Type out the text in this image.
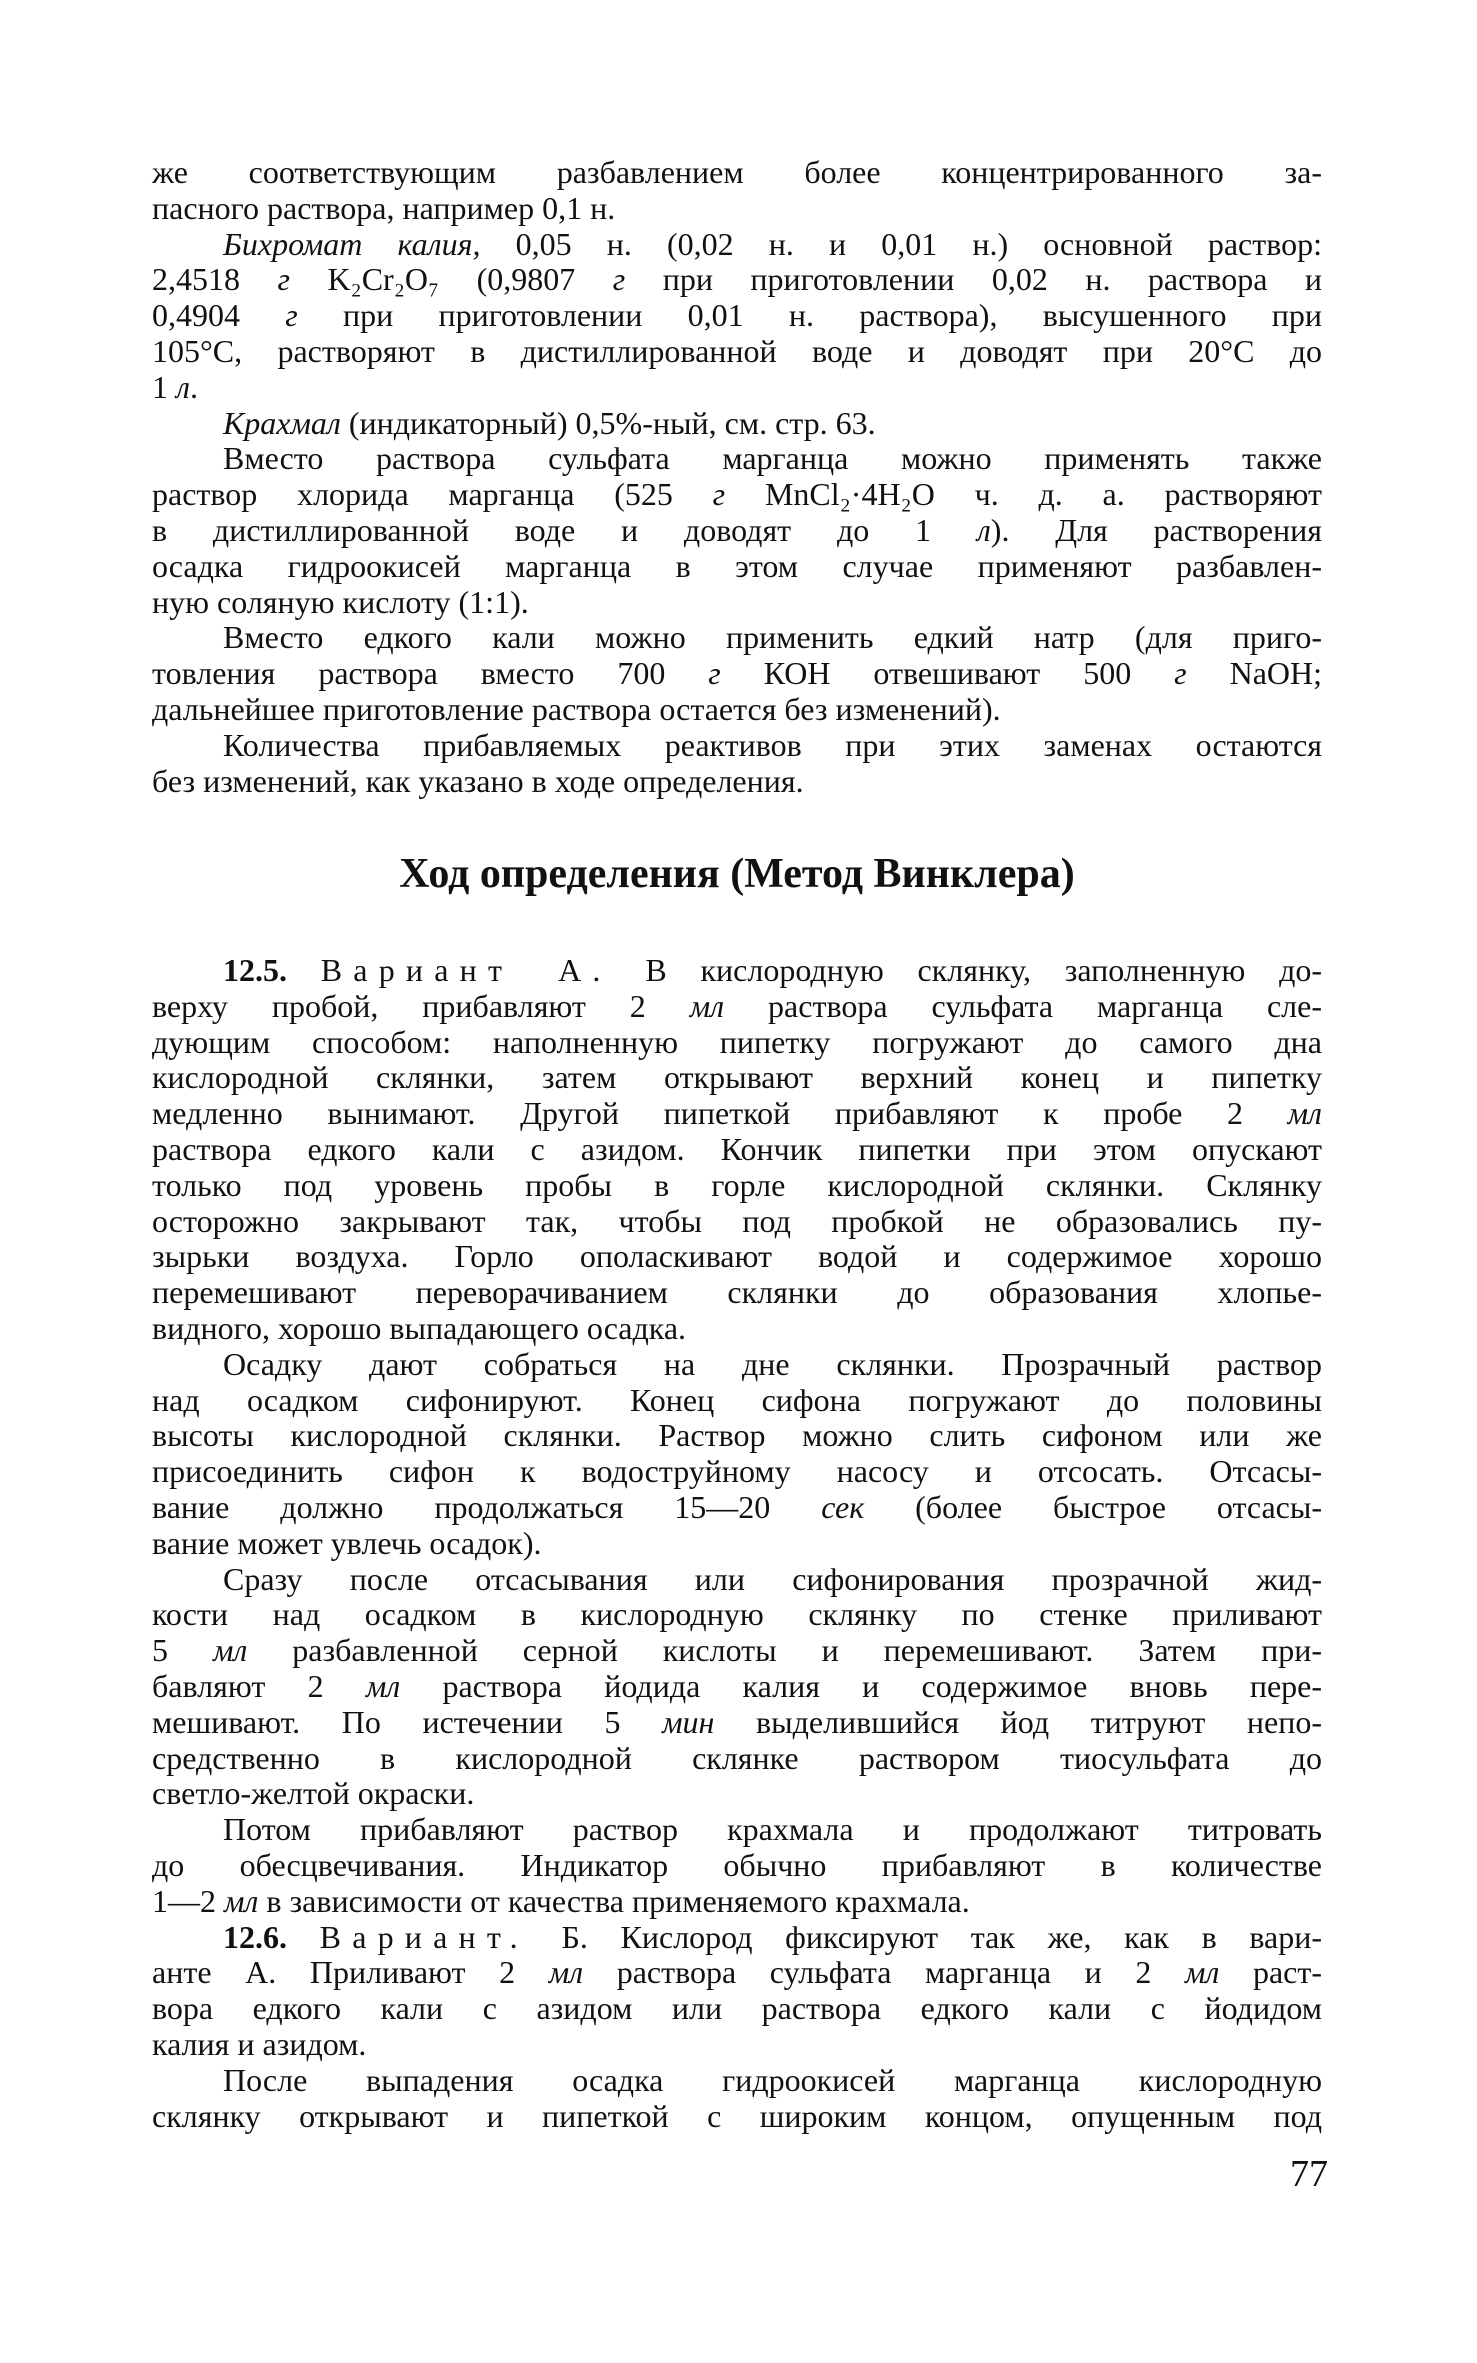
же соответствующим разбавлением более концентрированного за-
пасного раствора, например 0,1 н.
Бихромат калия, 0,05 н. (0,02 н. и 0,01 н.) основной раствор:
2,4518 г K₂Cr₂O₇ (0,9807 г при приготовлении 0,02 н. раствора и
0,4904 г при приготовлении 0,01 н. раствора), высушенного при
105°С, растворяют в дистиллированной воде и доводят при 20°С до
1 л.
Крахмал (индикаторный) 0,5%-ный, см. стр. 63.
Вместо раствора сульфата марганца можно применять также
раствор хлорида марганца (525 г MnCl₂·4H₂O ч. д. а. растворяют
в дистиллированной воде и доводят до 1 л). Для растворения
осадка гидроокисей марганца в этом случае применяют разбавлен-
ную соляную кислоту (1:1).
Вместо едкого кали можно применить едкий натр (для приго-
товления раствора вместо 700 г КОН отвешивают 500 г NaOH;
дальнейшее приготовление раствора остается без изменений).
Количества прибавляемых реактивов при этих заменах остаются
без изменений, как указано в ходе определения.
Ход определения (Метод Винклера)
12.5. Вариант А. В кислородную склянку, заполненную до-
верху пробой, прибавляют 2 мл раствора сульфата марганца сле-
дующим способом: наполненную пипетку погружают до самого дна
кислородной склянки, затем открывают верхний конец и пипетку
медленно вынимают. Другой пипеткой прибавляют к пробе 2 мл
раствора едкого кали с азидом. Кончик пипетки при этом опускают
только под уровень пробы в горле кислородной склянки. Склянку
осторожно закрывают так, чтобы под пробкой не образовались пу-
зырьки воздуха. Горло ополаскивают водой и содержимое хорошо
перемешивают переворачиванием склянки до образования хлопье-
видного, хорошо выпадающего осадка.
Осадку дают собраться на дне склянки. Прозрачный раствор
над осадком сифонируют. Конец сифона погружают до половины
высоты кислородной склянки. Раствор можно слить сифоном или же
присоединить сифон к водоструйному насосу и отсосать. Отсасы-
вание должно продолжаться 15—20 сек (более быстрое отсасы-
вание может увлечь осадок).
Сразу после отсасывания или сифонирования прозрачной жид-
кости над осадком в кислородную склянку по стенке приливают
5 мл разбавленной серной кислоты и перемешивают. Затем при-
бавляют 2 мл раствора йодида калия и содержимое вновь пере-
мешивают. По истечении 5 мин выделившийся йод титруют непо-
средственно в кислородной склянке раствором тиосульфата до
светло-желтой окраски.
Потом прибавляют раствор крахмала и продолжают титровать
до обесцвечивания. Индикатор обычно прибавляют в количестве
1—2 мл в зависимости от качества применяемого крахмала.
12.6. Вариант. Б. Кислород фиксируют так же, как в вари-
анте А. Приливают 2 мл раствора сульфата марганца и 2 мл раст-
вора едкого кали с азидом или раствора едкого кали с йодидом
калия и азидом.
После выпадения осадка гидроокисей марганца кислородную
склянку открывают и пипеткой с широким концом, опущенным под
77
